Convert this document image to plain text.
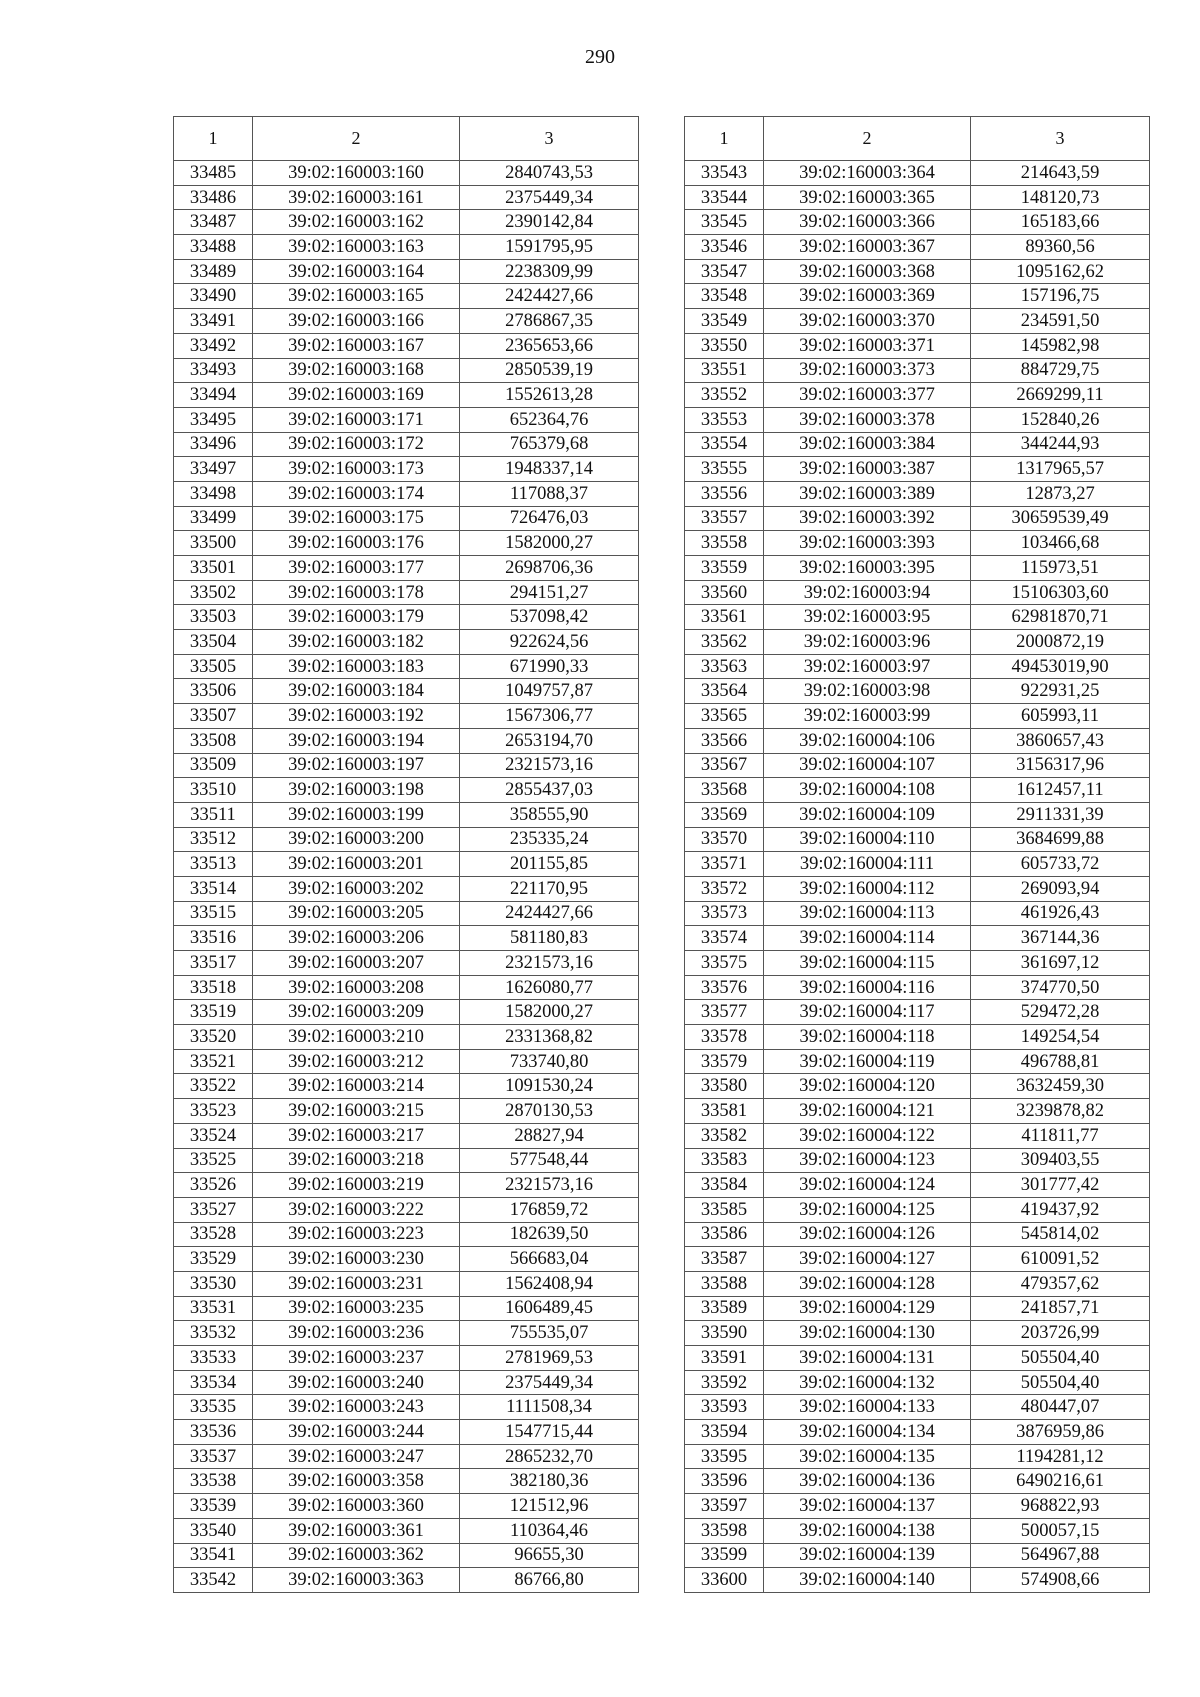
290
1	2	3
33485	39:02:160003:160	2840743,53
33486	39:02:160003:161	2375449,34
33487	39:02:160003:162	2390142,84
33488	39:02:160003:163	1591795,95
33489	39:02:160003:164	2238309,99
33490	39:02:160003:165	2424427,66
33491	39:02:160003:166	2786867,35
33492	39:02:160003:167	2365653,66
33493	39:02:160003:168	2850539,19
33494	39:02:160003:169	1552613,28
33495	39:02:160003:171	652364,76
33496	39:02:160003:172	765379,68
33497	39:02:160003:173	1948337,14
33498	39:02:160003:174	117088,37
33499	39:02:160003:175	726476,03
33500	39:02:160003:176	1582000,27
33501	39:02:160003:177	2698706,36
33502	39:02:160003:178	294151,27
33503	39:02:160003:179	537098,42
33504	39:02:160003:182	922624,56
33505	39:02:160003:183	671990,33
33506	39:02:160003:184	1049757,87
33507	39:02:160003:192	1567306,77
33508	39:02:160003:194	2653194,70
33509	39:02:160003:197	2321573,16
33510	39:02:160003:198	2855437,03
33511	39:02:160003:199	358555,90
33512	39:02:160003:200	235335,24
33513	39:02:160003:201	201155,85
33514	39:02:160003:202	221170,95
33515	39:02:160003:205	2424427,66
33516	39:02:160003:206	581180,83
33517	39:02:160003:207	2321573,16
33518	39:02:160003:208	1626080,77
33519	39:02:160003:209	1582000,27
33520	39:02:160003:210	2331368,82
33521	39:02:160003:212	733740,80
33522	39:02:160003:214	1091530,24
33523	39:02:160003:215	2870130,53
33524	39:02:160003:217	28827,94
33525	39:02:160003:218	577548,44
33526	39:02:160003:219	2321573,16
33527	39:02:160003:222	176859,72
33528	39:02:160003:223	182639,50
33529	39:02:160003:230	566683,04
33530	39:02:160003:231	1562408,94
33531	39:02:160003:235	1606489,45
33532	39:02:160003:236	755535,07
33533	39:02:160003:237	2781969,53
33534	39:02:160003:240	2375449,34
33535	39:02:160003:243	1111508,34
33536	39:02:160003:244	1547715,44
33537	39:02:160003:247	2865232,70
33538	39:02:160003:358	382180,36
33539	39:02:160003:360	121512,96
33540	39:02:160003:361	110364,46
33541	39:02:160003:362	96655,30
33542	39:02:160003:363	86766,80
1	2	3
33543	39:02:160003:364	214643,59
33544	39:02:160003:365	148120,73
33545	39:02:160003:366	165183,66
33546	39:02:160003:367	89360,56
33547	39:02:160003:368	1095162,62
33548	39:02:160003:369	157196,75
33549	39:02:160003:370	234591,50
33550	39:02:160003:371	145982,98
33551	39:02:160003:373	884729,75
33552	39:02:160003:377	2669299,11
33553	39:02:160003:378	152840,26
33554	39:02:160003:384	344244,93
33555	39:02:160003:387	1317965,57
33556	39:02:160003:389	12873,27
33557	39:02:160003:392	30659539,49
33558	39:02:160003:393	103466,68
33559	39:02:160003:395	115973,51
33560	39:02:160003:94	15106303,60
33561	39:02:160003:95	62981870,71
33562	39:02:160003:96	2000872,19
33563	39:02:160003:97	49453019,90
33564	39:02:160003:98	922931,25
33565	39:02:160003:99	605993,11
33566	39:02:160004:106	3860657,43
33567	39:02:160004:107	3156317,96
33568	39:02:160004:108	1612457,11
33569	39:02:160004:109	2911331,39
33570	39:02:160004:110	3684699,88
33571	39:02:160004:111	605733,72
33572	39:02:160004:112	269093,94
33573	39:02:160004:113	461926,43
33574	39:02:160004:114	367144,36
33575	39:02:160004:115	361697,12
33576	39:02:160004:116	374770,50
33577	39:02:160004:117	529472,28
33578	39:02:160004:118	149254,54
33579	39:02:160004:119	496788,81
33580	39:02:160004:120	3632459,30
33581	39:02:160004:121	3239878,82
33582	39:02:160004:122	411811,77
33583	39:02:160004:123	309403,55
33584	39:02:160004:124	301777,42
33585	39:02:160004:125	419437,92
33586	39:02:160004:126	545814,02
33587	39:02:160004:127	610091,52
33588	39:02:160004:128	479357,62
33589	39:02:160004:129	241857,71
33590	39:02:160004:130	203726,99
33591	39:02:160004:131	505504,40
33592	39:02:160004:132	505504,40
33593	39:02:160004:133	480447,07
33594	39:02:160004:134	3876959,86
33595	39:02:160004:135	1194281,12
33596	39:02:160004:136	6490216,61
33597	39:02:160004:137	968822,93
33598	39:02:160004:138	500057,15
33599	39:02:160004:139	564967,88
33600	39:02:160004:140	574908,66
